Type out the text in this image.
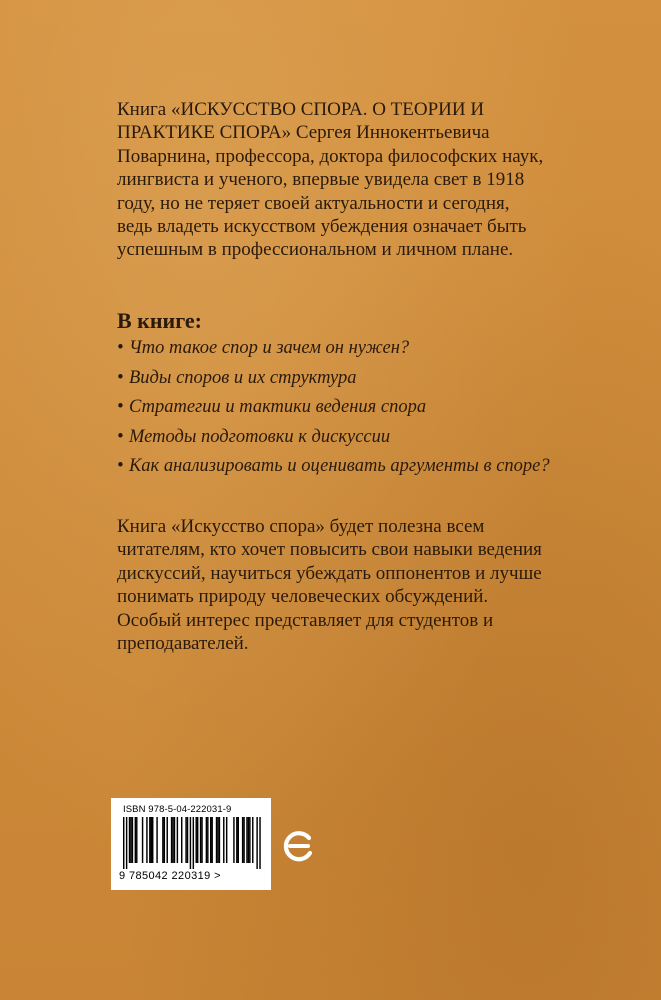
Книга «ИСКУССТВО СПОРА. О ТЕОРИИ И ПРАКТИКЕ СПОРА» Сергея Иннокентьевича Поварнина, профессора, доктора философских наук, лингвиста и ученого, впервые увидела свет в 1918 году, но не теряет своей актуальности и сегодня, ведь владеть искусством убеждения означает быть успешным в профессиональном и личном плане.
В книге:
• Что такое спор и зачем он нужен?
• Виды споров и их структура
• Стратегии и тактики ведения спора
• Методы подготовки к дискуссии
• Как анализировать и оценивать аргументы в споре?
Книга «Искусство спора» будет полезна всем читателям, кто хочет повысить свои навыки ведения дискуссий, научиться убеждать оппонентов и лучше понимать природу человеческих обсуждений. Особый интерес представляет для студентов и преподавателей.
ISBN 978-5-04-222031-9
9 785042 220319 >
